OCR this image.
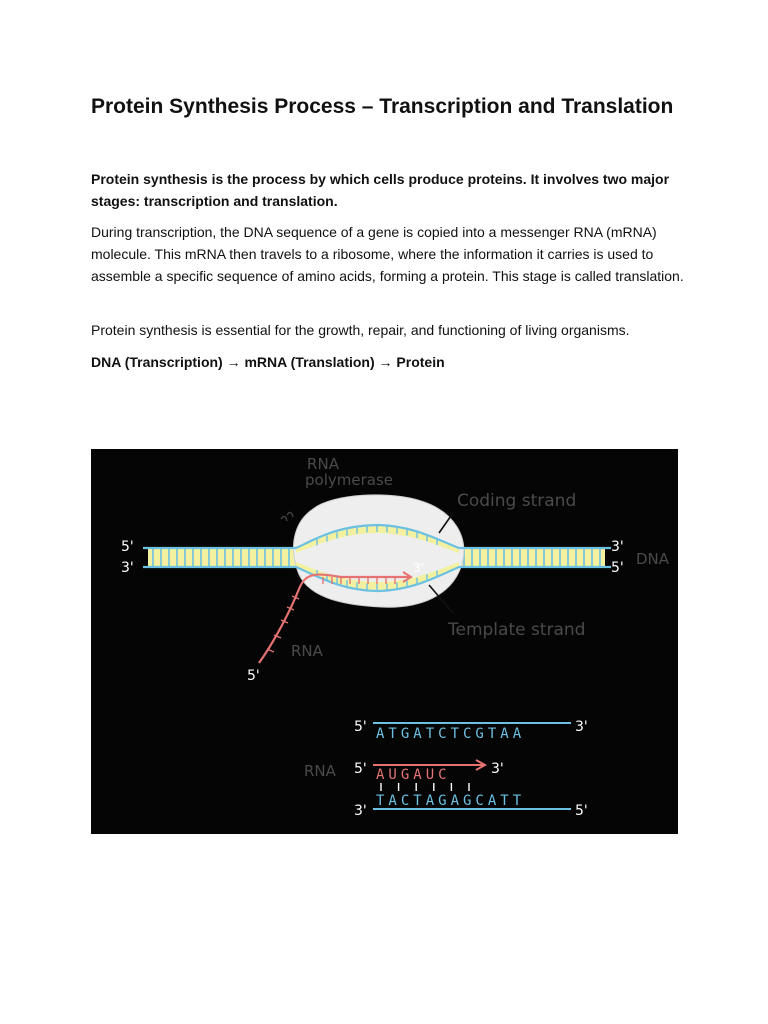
Protein Synthesis Process – Transcription and Translation

Protein synthesis is the process by which cells produce proteins. It involves two major stages: transcription and translation.

During transcription, the DNA sequence of a gene is copied into a messenger RNA (mRNA) molecule. This mRNA then travels to a ribosome, where the information it carries is used to assemble a specific sequence of amino acids, forming a protein. This stage is called translation.

Protein synthesis is essential for the growth, repair, and functioning of living organisms.

DNA (Transcription) → mRNA (Translation) → Protein

RNA
polymerase
Coding strand
Template strand
DNA
RNA
RNA
5'
3'
3'
5'
3'
5'
ATGATCTCGTAA
AUGAUC
TACTAGAGCATT
5'	3'
5'	3'
3'	5'
